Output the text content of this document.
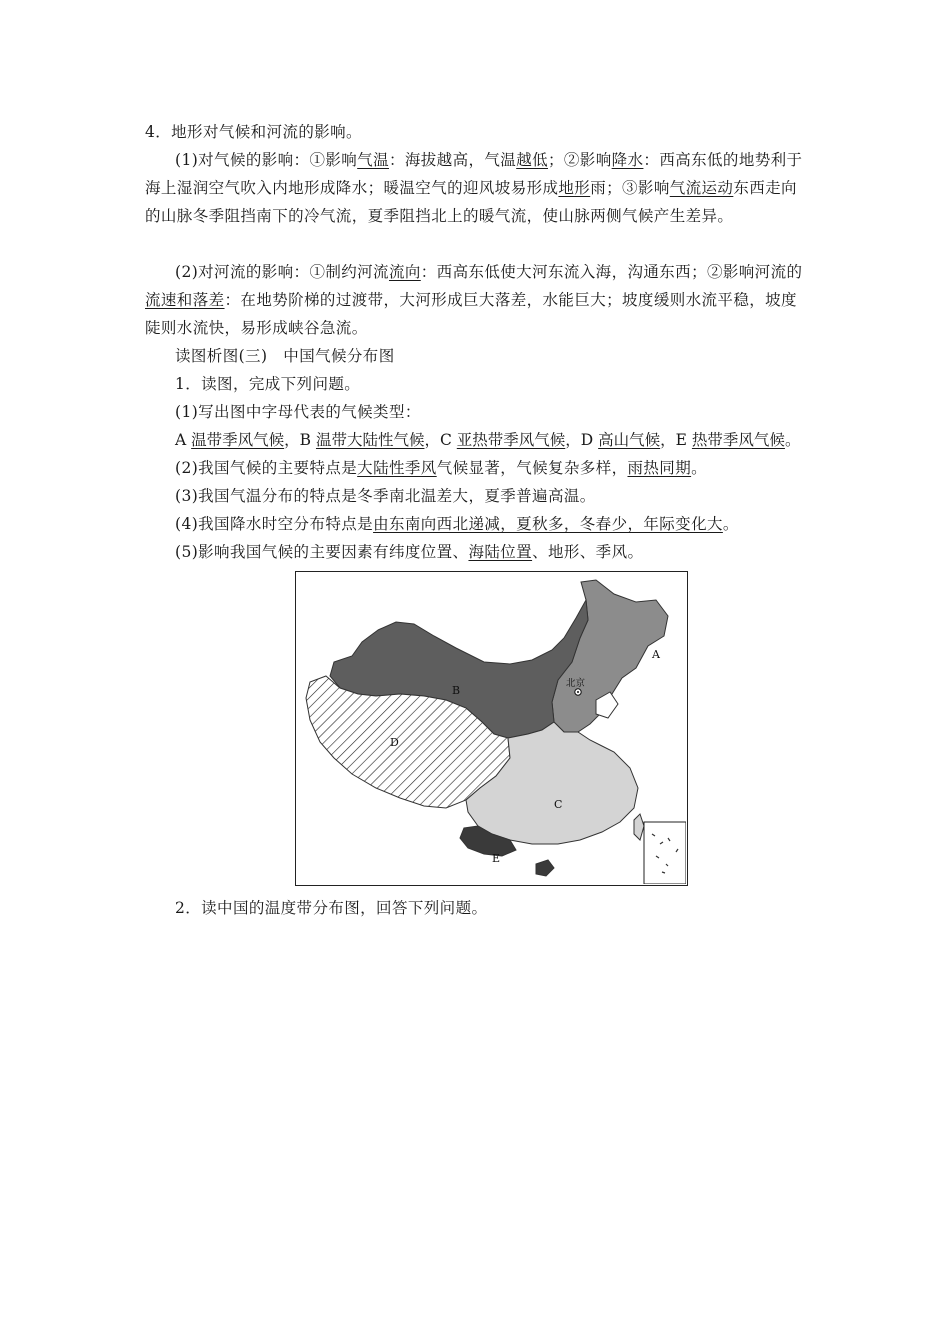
4．地形对气候和河流的影响。
(1)对气候的影响：①影响气温：海拔越高，气温越低；②影响降水：西高东低的地势利于海上湿润空气吹入内地形成降水；暖温空气的迎风坡易形成地形雨；③影响气流运动东西走向的山脉冬季阻挡南下的冷气流，夏季阻挡北上的暖气流，使山脉两侧气候产生差异。
(2)对河流的影响：①制约河流流向：西高东低使大河东流入海，沟通东西；②影响河流的流速和落差：在地势阶梯的过渡带，大河形成巨大落差，水能巨大；坡度缓则水流平稳，坡度陡则水流快，易形成峡谷急流。
读图析图(三)　中国气候分布图
1．读图，完成下列问题。
(1)写出图中字母代表的气候类型：
A 温带季风气候，B 温带大陆性气候，C 亚热带季风气候，D 高山气候，E 热带季风气候。
(2)我国气候的主要特点是大陆性季风气候显著，气候复杂多样，雨热同期。
(3)我国气温分布的特点是冬季南北温差大，夏季普遍高温。
(4)我国降水时空分布特点是由东南向西北递减，夏秋多，冬春少，年际变化大。
(5)影响我国气候的主要因素有纬度位置、海陆位置、地形、季风。
A
B
C
D
E
北京
2．读中国的温度带分布图，回答下列问题。
